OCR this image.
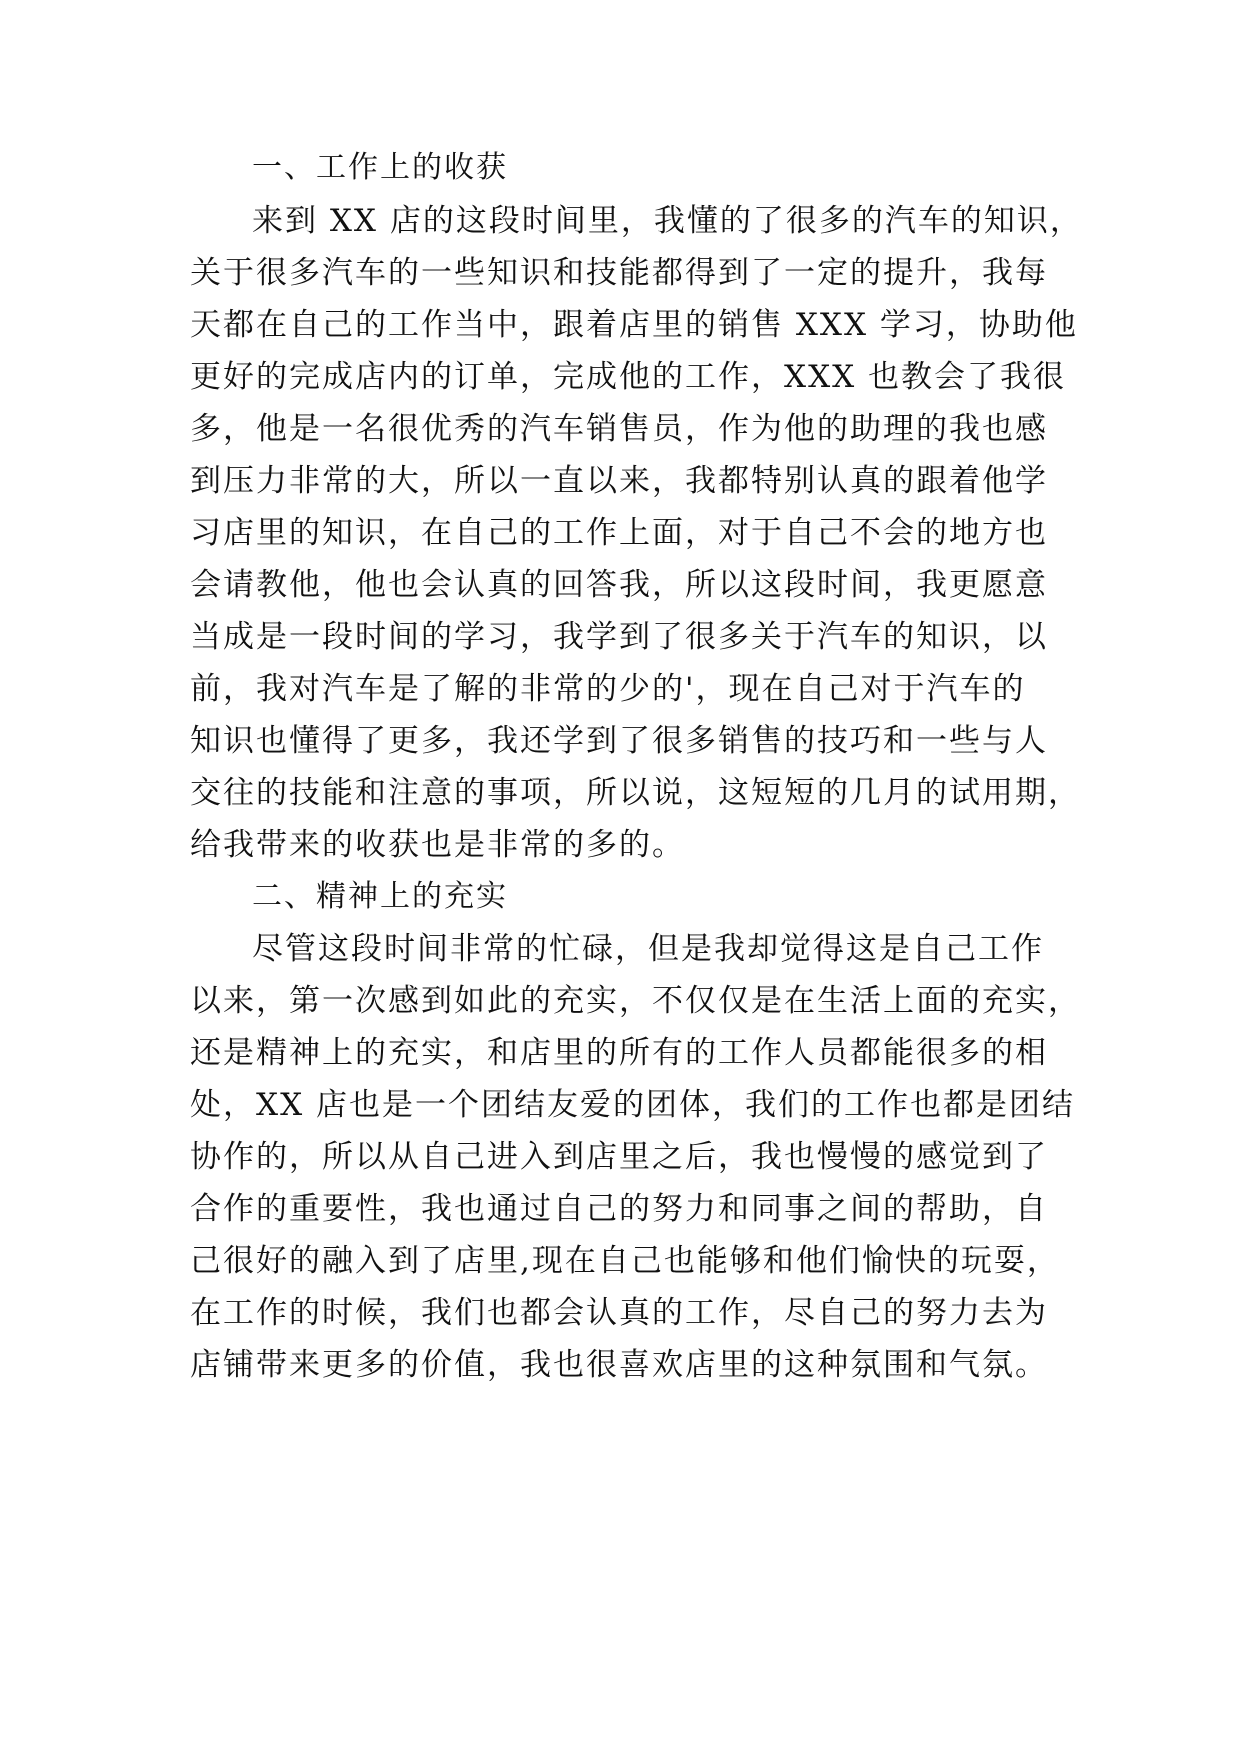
一、工作上的收获
来到 XX 店的这段时间里，我懂的了很多的汽车的知识，
关于很多汽车的一些知识和技能都得到了一定的提升，我每
天都在自己的工作当中，跟着店里的销售 XXX 学习，协助他
更好的完成店内的订单，完成他的工作，XXX 也教会了我很
多，他是一名很优秀的汽车销售员，作为他的助理的我也感
到压力非常的大，所以一直以来，我都特别认真的跟着他学
习店里的知识，在自己的工作上面，对于自己不会的地方也
会请教他，他也会认真的回答我，所以这段时间，我更愿意
当成是一段时间的学习，我学到了很多关于汽车的知识，以
前，我对汽车是了解的非常的少的'，现在自己对于汽车的
知识也懂得了更多，我还学到了很多销售的技巧和一些与人
交往的技能和注意的事项，所以说，这短短的几月的试用期，
给我带来的收获也是非常的多的。
二、精神上的充实
尽管这段时间非常的忙碌，但是我却觉得这是自己工作
以来，第一次感到如此的充实，不仅仅是在生活上面的充实，
还是精神上的充实，和店里的所有的工作人员都能很多的相
处，XX 店也是一个团结友爱的团体，我们的工作也都是团结
协作的，所以从自己进入到店里之后，我也慢慢的感觉到了
合作的重要性，我也通过自己的努力和同事之间的帮助，自
己很好的融入到了店里,现在自己也能够和他们愉快的玩耍，
在工作的时候，我们也都会认真的工作，尽自己的努力去为
店铺带来更多的价值，我也很喜欢店里的这种氛围和气氛。
